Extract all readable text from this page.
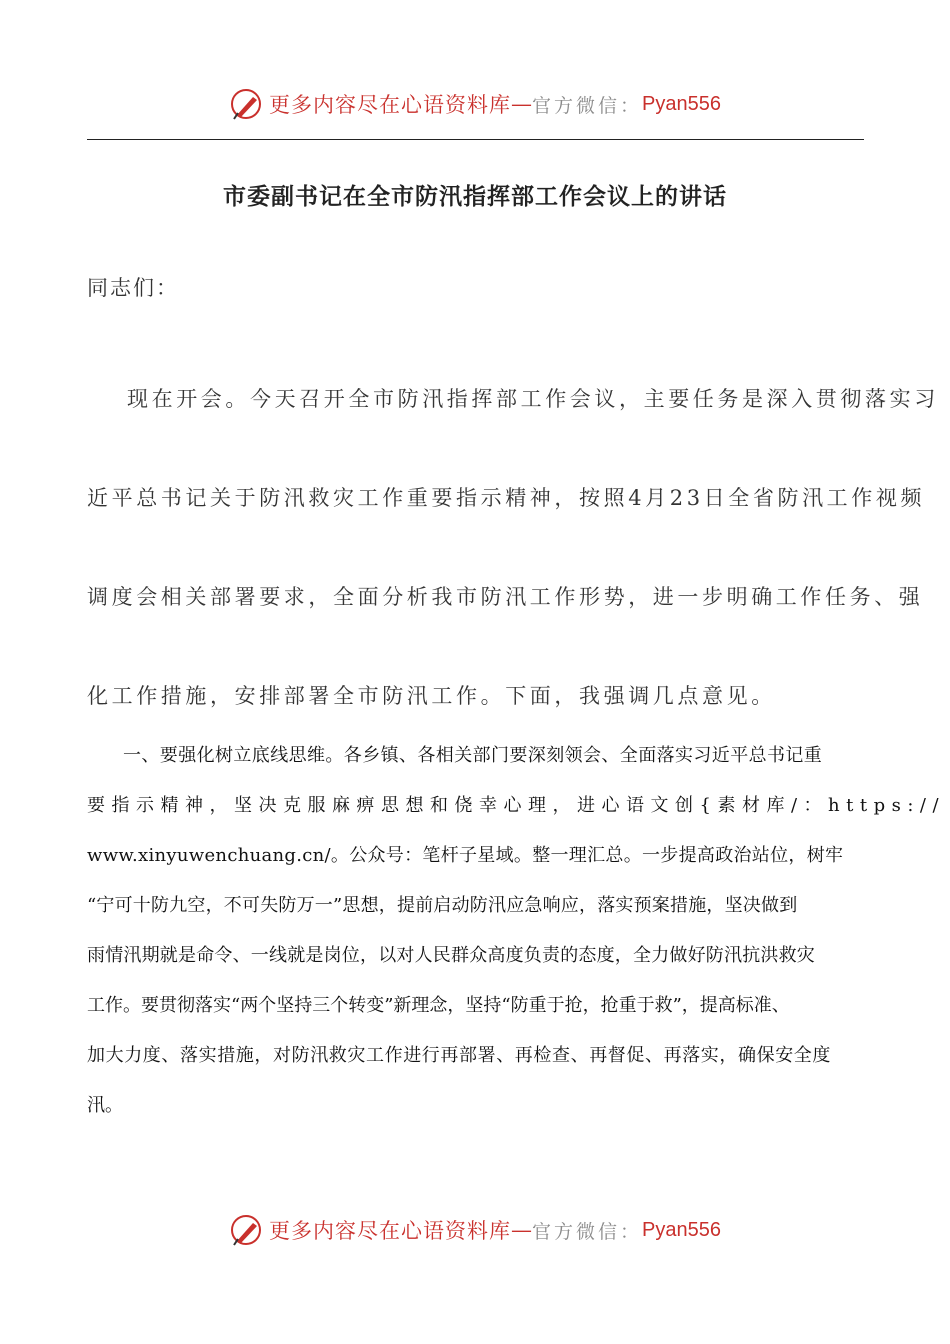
更多内容尽在心语资料库 — 官方微信： Pyan556
市委副书记在全市防汛指挥部工作会议上的讲话
同志们：
现在开会。今天召开全市防汛指挥部工作会议，主要任务是深入贯彻落实习
近平总书记关于防汛救灾工作重要指示精神，按照4月23日全省防汛工作视频
调度会相关部署要求，全面分析我市防汛工作形势，进一步明确工作任务、强
化工作措施，安排部署全市防汛工作。下面，我强调几点意见。
一、要强化树立底线思维。各乡镇、各相关部门要深刻领会、全面落实习近平总书记重
要指示精神，坚决克服麻痹思想和侥幸心理，进心语文创{素材库/：https://
www.xinyuwenchuang.cn/。公众号：笔杆子星域。整一理汇总。一步提高政治站位，树牢
“宁可十防九空，不可失防万一”思想，提前启动防汛应急响应，落实预案措施，坚决做到
雨情汛期就是命令、一线就是岗位，以对人民群众高度负责的态度，全力做好防汛抗洪救灾
工作。要贯彻落实“两个坚持三个转变”新理念，坚持“防重于抢，抢重于救”，提高标准、
加大力度、落实措施，对防汛救灾工作进行再部署、再检查、再督促、再落实，确保安全度
汛。
更多内容尽在心语资料库 — 官方微信： Pyan556
